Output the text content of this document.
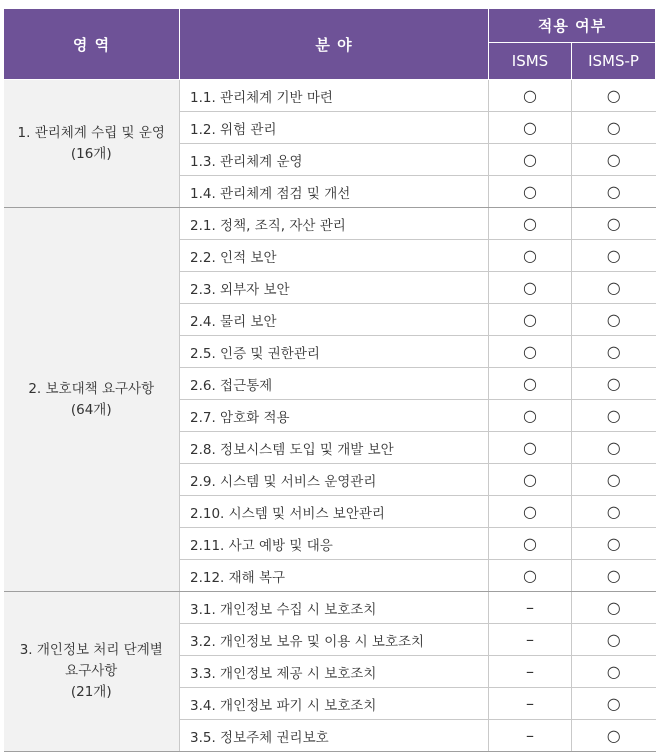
영 역	분 야	적용 여부	
		ISMS	ISMS-P

1. 관리체계 수립 및 운영
(16개)	1.1. 관리체계 기반 마련	○	○
	1.2. 위험 관리	○	○
	1.3. 관리체계 운영	○	○
	1.4. 관리체계 점검 및 개선	○	○

2. 보호대책 요구사항
(64개)	2.1. 정책, 조직, 자산 관리	○	○
	2.2. 인적 보안	○	○
	2.3. 외부자 보안	○	○
	2.4. 물리 보안	○	○
	2.5. 인증 및 권한관리	○	○
	2.6. 접근통제	○	○
	2.7. 암호화 적용	○	○
	2.8. 정보시스템 도입 및 개발 보안	○	○
	2.9. 시스템 및 서비스 운영관리	○	○
	2.10. 시스템 및 서비스 보안관리	○	○
	2.11. 사고 예방 및 대응	○	○
	2.12. 재해 복구	○	○

3. 개인정보 처리 단계별
요구사항
(21개)	3.1. 개인정보 수집 시 보호조치	–	○
	3.2. 개인정보 보유 및 이용 시 보호조치	–	○
	3.3. 개인정보 제공 시 보호조치	–	○
	3.4. 개인정보 파기 시 보호조치	–	○
	3.5. 정보주체 권리보호	–	○
